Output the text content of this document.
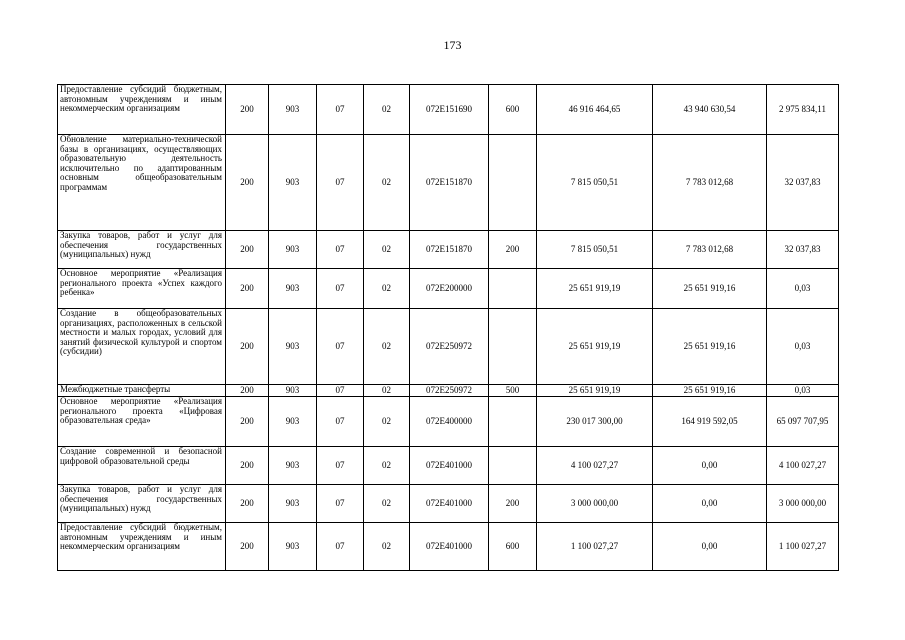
173
Предоставление субсидий бюджетным, автономным учреждениям и иным некоммерческим организациям	200	903	07	02	072E151690	600	46 916 464,65	43 940 630,54	2 975 834,11
Обновление материально-технической базы в организациях, осуществляющих образовательную деятельность исключительно по адаптированным основным общеобразовательным программам	200	903	07	02	072E151870		7 815 050,51	7 783 012,68	32 037,83
Закупка товаров, работ и услуг для обеспечения государственных (муниципальных) нужд	200	903	07	02	072E151870	200	7 815 050,51	7 783 012,68	32 037,83
Основное мероприятие «Реализация регионального проекта «Успех каждого ребенка»	200	903	07	02	072E200000		25 651 919,19	25 651 919,16	0,03
Создание в общеобразовательных организациях, расположенных в сельской местности и малых городах, условий для занятий физической культурой и спортом (субсидии)	200	903	07	02	072E250972		25 651 919,19	25 651 919,16	0,03
Межбюджетные трансферты	200	903	07	02	072E250972	500	25 651 919,19	25 651 919,16	0,03
Основное мероприятие «Реализация регионального проекта «Цифровая образовательная среда»	200	903	07	02	072E400000		230 017 300,00	164 919 592,05	65 097 707,95
Создание современной и безопасной цифровой образовательной среды	200	903	07	02	072E401000		4 100 027,27	0,00	4 100 027,27
Закупка товаров, работ и услуг для обеспечения государственных (муниципальных) нужд	200	903	07	02	072E401000	200	3 000 000,00	0,00	3 000 000,00
Предоставление субсидий бюджетным, автономным учреждениям и иным некоммерческим организациям	200	903	07	02	072E401000	600	1 100 027,27	0,00	1 100 027,27
